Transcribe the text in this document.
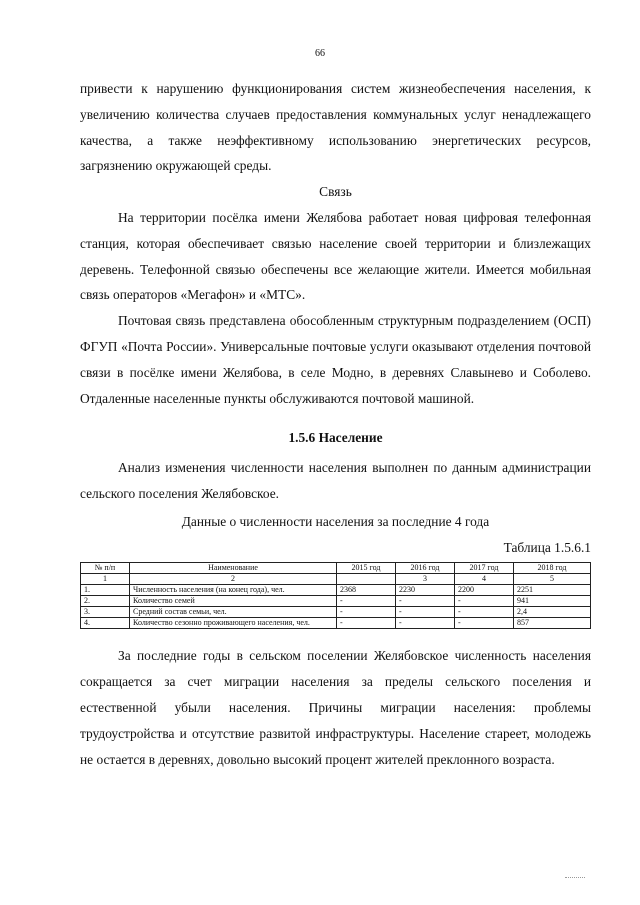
66

привести к нарушению функционирования систем жизнеобеспечения населения, к увеличению количества случаев предоставления коммунальных услуг ненадлежащего качества, а также неэффективному использованию энергетических ресурсов, загрязнению окружающей среды.

Связь

На территории посёлка имени Желябова работает новая цифровая телефонная станция, которая обеспечивает связью население своей территории и близлежащих деревень. Телефонной связью обеспечены все желающие жители. Имеется мобильная связь операторов «Мегафон» и «МТС».

Почтовая связь представлена обособленным структурным подразделением (ОСП) ФГУП «Почта России». Универсальные почтовые услуги оказывают отделения почтовой связи в посёлке имени Желябова, в селе Модно, в деревнях Славынево и Соболево. Отдаленные населенные пункты обслуживаются почтовой машиной.

1.5.6 Население

Анализ изменения численности населения выполнен по данным администрации сельского поселения Желябовское.

Данные о численности населения за последние 4 года

Таблица 1.5.6.1

№ п/п	Наименование	2015 год	2016 год	2017 год	2018 год
1	2		3	4	5
1.	Численность населения (на конец года), чел.	2368	2230	2200	2251
2.	Количество семей	-	-	-	941
3.	Средний состав семьи, чел.	-	-	-	2,4
4.	Количество сезонно проживающего населения, чел.	-	-	-	857

За последние годы в сельском поселении Желябовское численность населения сокращается за счет миграции населения за пределы сельского поселения и естественной убыли населения. Причины миграции населения: проблемы трудоустройства и отсутствие развитой инфраструктуры. Население стареет, молодежь не остается в деревнях, довольно высокий процент жителей преклонного возраста.
